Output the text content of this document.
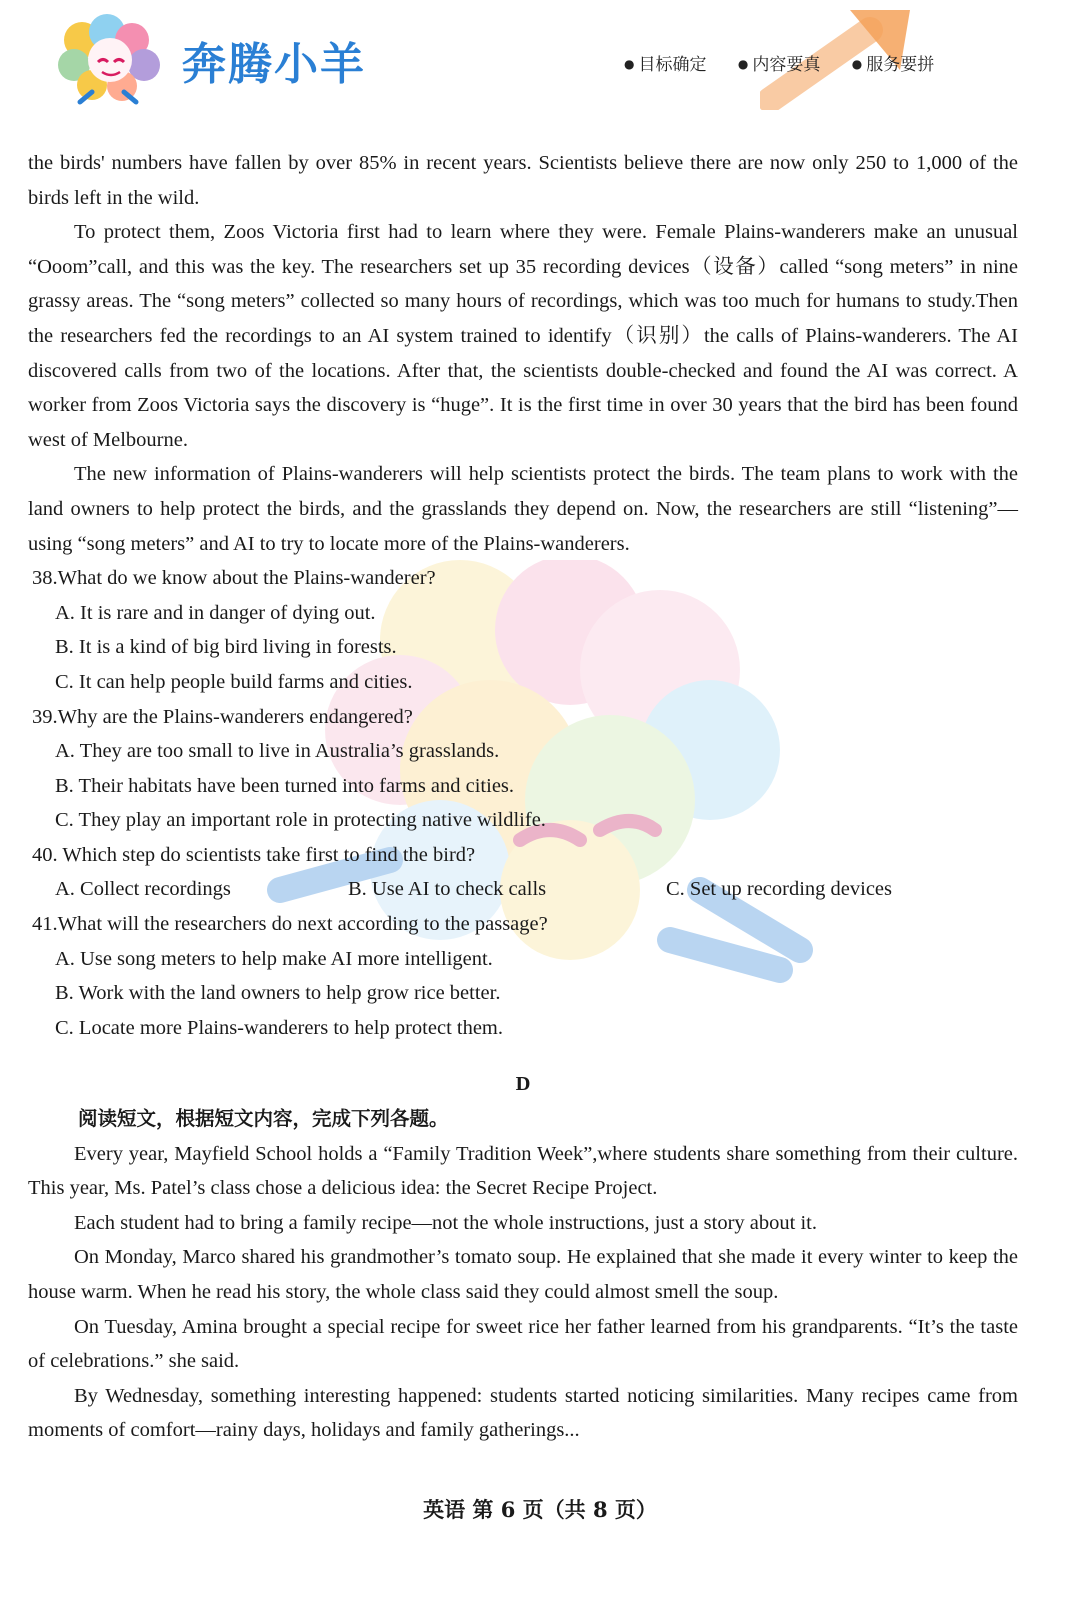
奔腾小羊	● 目标确定	● 内容要真	● 服务要拼

the birds' numbers have fallen by over 85% in recent years. Scientists believe there are now only 250 to 1,000 of the birds left in the wild.

To protect them, Zoos Victoria first had to learn where they were. Female Plains-wanderers make an unusual “Ooom”call, and this was the key. The researchers set up 35 recording devices（设备）called “song meters” in nine grassy areas. The “song meters” collected so many hours of recordings, which was too much for humans to study.Then the researchers fed the recordings to an AI system trained to identify（识别）the calls of Plains-wanderers. The AI discovered calls from two of the locations. After that, the scientists double-checked and found the AI was correct. A worker from Zoos Victoria says the discovery is “huge”. It is the first time in over 30 years that the bird has been found west of Melbourne.

The new information of Plains-wanderers will help scientists protect the birds. The team plans to work with the land owners to help protect the birds, and the grasslands they depend on. Now, the researchers are still “listening”—using “song meters” and AI to try to locate more of the Plains-wanderers.

38.What do we know about the Plains-wanderer?

A. It is rare and in danger of dying out.

B. It is a kind of big bird living in forests.

C. It can help people build farms and cities.

39.Why are the Plains-wanderers endangered?

A. They are too small to live in Australia’s grasslands.

B. Their habitats have been turned into farms and cities.

C. They play an important role in protecting native wildlife.

40. Which step do scientists take first to find the bird?

A. Collect recordings	B. Use AI to check calls	C. Set up recording devices

41.What will the researchers do next according to the passage?

A. Use song meters to help make AI more intelligent.

B. Work with the land owners to help grow rice better.

C. Locate more Plains-wanderers to help protect them.

D

阅读短文，根据短文内容，完成下列各题。

Every year, Mayfield School holds a “Family Tradition Week”,where students share something from their culture. This year, Ms. Patel’s class chose a delicious idea: the Secret Recipe Project.

Each student had to bring a family recipe—not the whole instructions, just a story about it.

On Monday, Marco shared his grandmother’s tomato soup. He explained that she made it every winter to keep the house warm. When he read his story, the whole class said they could almost smell the soup.

On Tuesday, Amina brought a special recipe for sweet rice her father learned from his grandparents. “It’s the taste of celebrations.” she said.

By Wednesday, something interesting happened: students started noticing similarities. Many recipes came from moments of comfort—rainy days, holidays and family gatherings...

英语 第 6 页（共 8 页）
